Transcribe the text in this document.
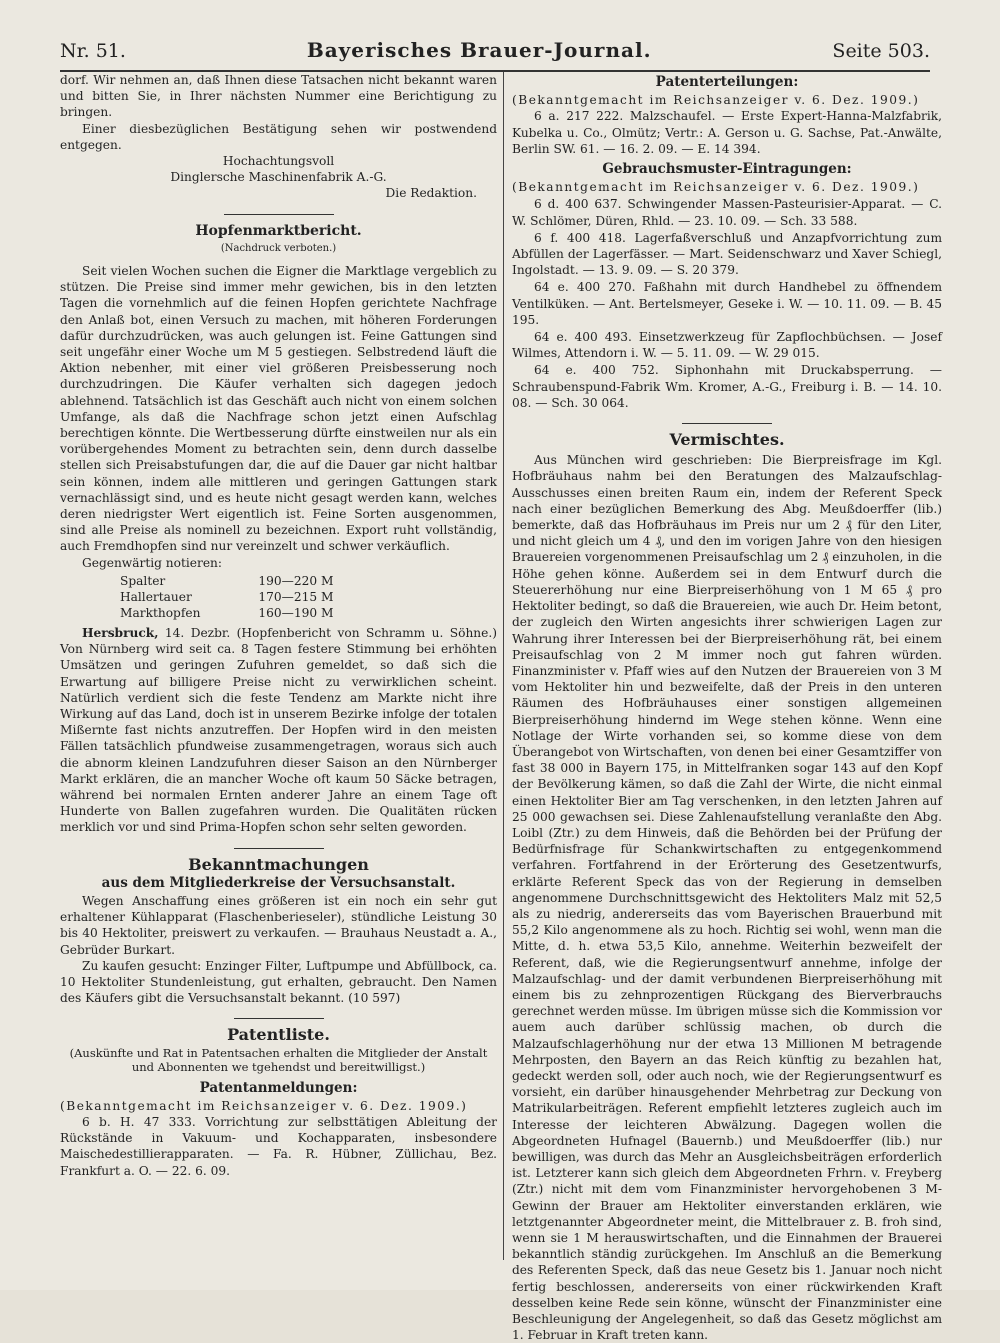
Nr. 51.	Bayerisches Brauer-Journal.	Seite 503.

dorf. Wir nehmen an, daß Ihnen diese Tatsachen nicht bekannt waren und bitten Sie, in Ihrer nächsten Nummer eine Berichtigung zu bringen.

Einer diesbezüglichen Bestätigung sehen wir postwendend entgegen.

Hochachtungsvoll

Dinglersche Maschinenfabrik A.-G.

Die Redaktion.

Hopfenmarktbericht.
(Nachdruck verboten.)

Seit vielen Wochen suchen die Eigner die Marktlage vergeblich zu stützen. Die Preise sind immer mehr gewichen, bis in den letzten Tagen die vornehmlich auf die feinen Hopfen gerichtete Nachfrage den Anlaß bot, einen Versuch zu machen, mit höheren Forderungen dafür durchzudrücken, was auch gelungen ist. Feine Gattungen sind seit ungefähr einer Woche um M 5 gestiegen. Selbstredend läuft die Aktion nebenher, mit einer viel größeren Preisbesserung noch durchzudringen. Die Käufer verhalten sich dagegen jedoch ablehnend. Tatsächlich ist das Geschäft auch nicht von einem solchen Umfange, als daß die Nachfrage schon jetzt einen Aufschlag berechtigen könnte. Die Wertbesserung dürfte einstweilen nur als ein vorübergehendes Moment zu betrachten sein, denn durch dasselbe stellen sich Preisabstufungen dar, die auf die Dauer gar nicht haltbar sein können, indem alle mittleren und geringen Gattungen stark vernachlässigt sind, und es heute nicht gesagt werden kann, welches deren niedrigster Wert eigentlich ist. Feine Sorten ausgenommen, sind alle Preise als nominell zu bezeichnen. Export ruht vollständig, auch Fremdhopfen sind nur vereinzelt und schwer verkäuflich.

Gegenwärtig notieren:

Spalter	190—220 M
Hallertauer	170—215 M
Markthopfen	160—190 M

Hersbruck, 14. Dezbr. (Hopfenbericht von Schramm u. Söhne.) Von Nürnberg wird seit ca. 8 Tagen festere Stimmung bei erhöhten Umsätzen und geringen Zufuhren gemeldet, so daß sich die Erwartung auf billigere Preise nicht zu verwirklichen scheint. Natürlich verdient sich die feste Tendenz am Markte nicht ihre Wirkung auf das Land, doch ist in unserem Bezirke infolge der totalen Mißernte fast nichts anzutreffen. Der Hopfen wird in den meisten Fällen tatsächlich pfundweise zusammengetragen, woraus sich auch die abnorm kleinen Landzufuhren dieser Saison an den Nürnberger Markt erklären, die an mancher Woche oft kaum 50 Säcke betragen, während bei normalen Ernten anderer Jahre an einem Tage oft Hunderte von Ballen zugefahren wurden. Die Qualitäten rücken merklich vor und sind Prima-Hopfen schon sehr selten geworden.

Bekanntmachungen
aus dem Mitgliederkreise der Versuchsanstalt.

Wegen Anschaffung eines größeren ist ein noch ein sehr gut erhaltener Kühlapparat (Flaschenberieseler), stündliche Leistung 30 bis 40 Hektoliter, preiswert zu verkaufen. — Brauhaus Neustadt a. A., Gebrüder Burkart.

Zu kaufen gesucht: Enzinger Filter, Luftpumpe und Abfüllbock, ca. 10 Hektoliter Stundenleistung, gut erhalten, gebraucht. Den Namen des Käufers gibt die Versuchsanstalt bekannt. (10 597)

Patentliste.
(Auskünfte und Rat in Patentsachen erhalten die Mitglieder der Anstalt und Abonnenten we tgehendst und bereitwilligst.)
Patentanmeldungen:

(Bekanntgemacht im Reichsanzeiger v. 6. Dez. 1909.)

6 b. H. 47 333. Vorrichtung zur selbsttätigen Ableitung der Rückstände in Vakuum- und Kochapparaten, insbesondere Maischedestillierapparaten. — Fa. R. Hübner, Züllichau, Bez. Frankfurt a. O. — 22. 6. 09.

Patenterteilungen:

(Bekanntgemacht im Reichsanzeiger v. 6. Dez. 1909.)

6 a. 217 222. Malzschaufel. — Erste Expert-Hanna-Malzfabrik, Kubelka u. Co., Olmütz; Vertr.: A. Gerson u. G. Sachse, Pat.-Anwälte, Berlin SW. 61. — 16. 2. 09. — E. 14 394.

Gebrauchsmuster-Eintragungen:

(Bekanntgemacht im Reichsanzeiger v. 6. Dez. 1909.)

6 d. 400 637. Schwingender Massen-Pasteurisier-Apparat. — C. W. Schlömer, Düren, Rhld. — 23. 10. 09. — Sch. 33 588.

6 f. 400 418. Lagerfaßverschluß und Anzapfvorrichtung zum Abfüllen der Lagerfässer. — Mart. Seidenschwarz und Xaver Schiegl, Ingolstadt. — 13. 9. 09. — S. 20 379.

64 e. 400 270. Faßhahn mit durch Handhebel zu öffnendem Ventilküken. — Ant. Bertelsmeyer, Geseke i. W. — 10. 11. 09. — B. 45 195.

64 e. 400 493. Einsetzwerkzeug für Zapflochbüchsen. — Josef Wilmes, Attendorn i. W. — 5. 11. 09. — W. 29 015.

64 e. 400 752. Siphonhahn mit Druckabsperrung. — Schraubenspund-Fabrik Wm. Kromer, A.-G., Freiburg i. B. — 14. 10. 08. — Sch. 30 064.

Vermischtes.

Aus München wird geschrieben: Die Bierpreisfrage im Kgl. Hofbräuhaus nahm bei den Beratungen des Malzaufschlag-Ausschusses einen breiten Raum ein, indem der Referent Speck nach einer bezüglichen Bemerkung des Abg. Meußdoerffer (lib.) bemerkte, daß das Hofbräuhaus im Preis nur um 2 ₰ für den Liter, und nicht gleich um 4 ₰, und den im vorigen Jahre von den hiesigen Brauereien vorgenommenen Preisaufschlag um 2 ₰ einzuholen, in die Höhe gehen könne. Außerdem sei in dem Entwurf durch die Steuererhöhung nur eine Bierpreiserhöhung von 1 M 65 ₰ pro Hektoliter bedingt, so daß die Brauereien, wie auch Dr. Heim betont, der zugleich den Wirten angesichts ihrer schwierigen Lagen zur Wahrung ihrer Interessen bei der Bierpreiserhöhung rät, bei einem Preisaufschlag von 2 M immer noch gut fahren würden. Finanzminister v. Pfaff wies auf den Nutzen der Brauereien von 3 M vom Hektoliter hin und bezweifelte, daß der Preis in den unteren Räumen des Hofbräuhauses einer sonstigen allgemeinen Bierpreiserhöhung hindernd im Wege stehen könne. Wenn eine Notlage der Wirte vorhanden sei, so komme diese von dem Überangebot von Wirtschaften, von denen bei einer Gesamtziffer von fast 38 000 in Bayern 175, in Mittelfranken sogar 143 auf den Kopf der Bevölkerung kämen, so daß die Zahl der Wirte, die nicht einmal einen Hektoliter Bier am Tag verschenken, in den letzten Jahren auf 25 000 gewachsen sei. Diese Zahlenaufstellung veranlaßte den Abg. Loibl (Ztr.) zu dem Hinweis, daß die Behörden bei der Prüfung der Bedürfnisfrage für Schankwirtschaften zu entgegenkommend verfahren. Fortfahrend in der Erörterung des Gesetzentwurfs, erklärte Referent Speck das von der Regierung in demselben angenommene Durchschnittsgewicht des Hektoliters Malz mit 52,5 als zu niedrig, andererseits das vom Bayerischen Brauerbund mit 55,2 Kilo angenommene als zu hoch. Richtig sei wohl, wenn man die Mitte, d. h. etwa 53,5 Kilo, annehme. Weiterhin bezweifelt der Referent, daß, wie die Regierungsentwurf annehme, infolge der Malzaufschlag- und der damit verbundenen Bierpreiserhöhung mit einem bis zu zehnprozentigen Rückgang des Bierverbrauchs gerechnet werden müsse. Im übrigen müsse sich die Kommission vor auem auch darüber schlüssig machen, ob durch die Malzaufschlagerhöhung nur der etwa 13 Millionen M betragende Mehrposten, den Bayern an das Reich künftig zu bezahlen hat, gedeckt werden soll, oder auch noch, wie der Regierungsentwurf es vorsieht, ein darüber hinausgehender Mehrbetrag zur Deckung von Matrikularbeiträgen. Referent empfiehlt letzteres zugleich auch im Interesse der leichteren Abwälzung. Dagegen wollen die Abgeordneten Hufnagel (Bauernb.) und Meußdoerffer (lib.) nur bewilligen, was durch das Mehr an Ausgleichsbeiträgen erforderlich ist. Letzterer kann sich gleich dem Abgeordneten Frhrn. v. Freyberg (Ztr.) nicht mit dem vom Finanzminister hervorgehobenen 3 M-Gewinn der Brauer am Hektoliter einverstanden erklären, wie letztgenannter Abgeordneter meint, die Mittelbrauer z. B. froh sind, wenn sie 1 M herauswirtschaften, und die Einnahmen der Brauerei bekanntlich ständig zurückgehen. Im Anschluß an die Bemerkung des Referenten Speck, daß das neue Gesetz bis 1. Januar noch nicht fertig beschlossen, andererseits von einer rückwirkenden Kraft desselben keine Rede sein könne, wünscht der Finanzminister eine Beschleunigung der Angelegenheit, so daß das Gesetz möglichst am 1. Februar in Kraft treten kann.
